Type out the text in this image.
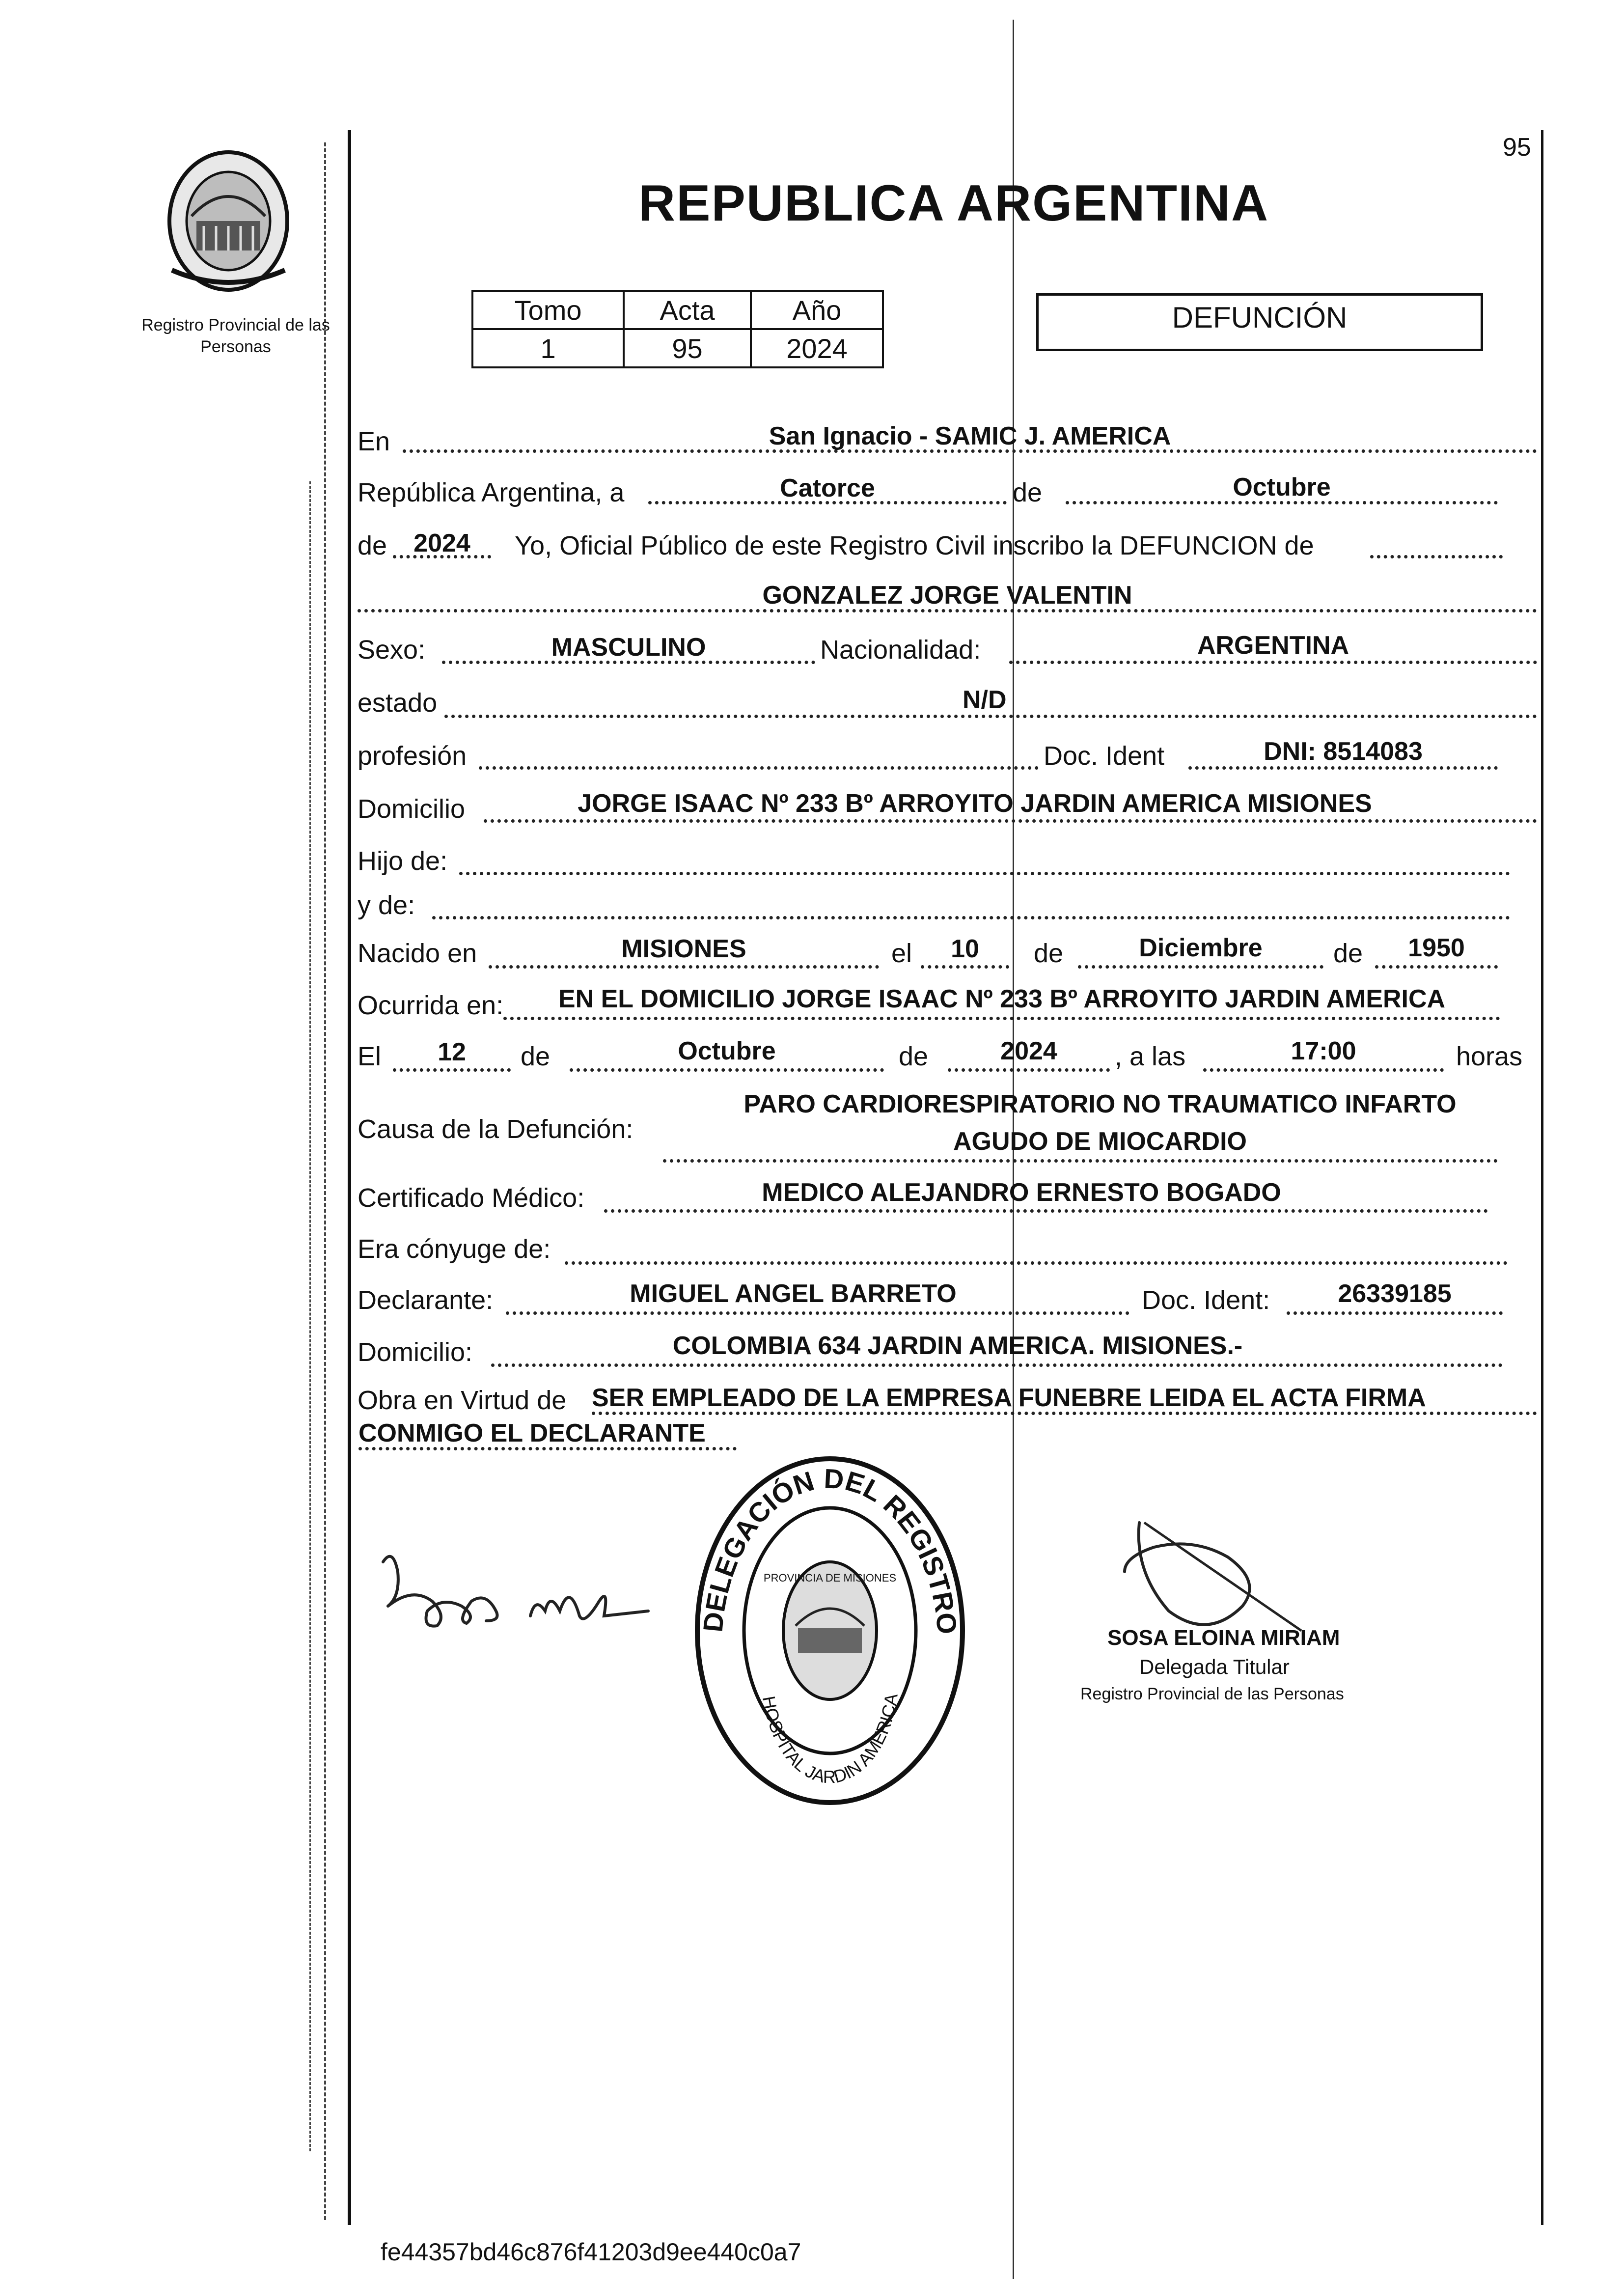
95
Registro Provincial de las Personas
REPUBLICA ARGENTINA
Tomo	Acta	Año
1	95	2024
DEFUNCIÓN
En	San Ignacio - SAMIC J. AMERICA
República Argentina, a	Catorce	de	Octubre
de	2024	Yo, Oficial Público de este Registro Civil inscribo la DEFUNCION de
GONZALEZ JORGE VALENTIN
Sexo:	MASCULINO	Nacionalidad:	ARGENTINA
estado	N/D
profesión	Doc. Ident	DNI: 8514083
Domicilio	JORGE ISAAC Nº 233 Bº ARROYITO JARDIN AMERICA MISIONES
Hijo de:
y de:
Nacido en	MISIONES	el	10	de	Diciembre	de	1950
Ocurrida en:	EN EL DOMICILIO JORGE ISAAC Nº 233 Bº ARROYITO JARDIN AMERICA
El	12	de	Octubre	de	2024	, a las	17:00	horas
Causa de la Defunción:
PARO CARDIORESPIRATORIO NO TRAUMATICO INFARTO
AGUDO DE MIOCARDIO
Certificado Médico:	MEDICO ALEJANDRO ERNESTO BOGADO
Era cónyuge de:
Declarante:	MIGUEL ANGEL BARRETO	Doc. Ident:	26339185
Domicilio:	COLOMBIA 634 JARDIN AMERICA. MISIONES.-
Obra en Virtud de SER EMPLEADO DE LA EMPRESA FUNEBRE LEIDA EL ACTA FIRMA
CONMIGO EL DECLARANTE
DELEGACIÓN DEL REGISTRO
HOSPITAL JARDIN AMERICA
PROVINCIA DE MISIONES
SOSA ELOINA MIRIAM
Delegada Titular
Registro Provincial de las Personas
fe44357bd46c876f41203d9ee440c0a7
